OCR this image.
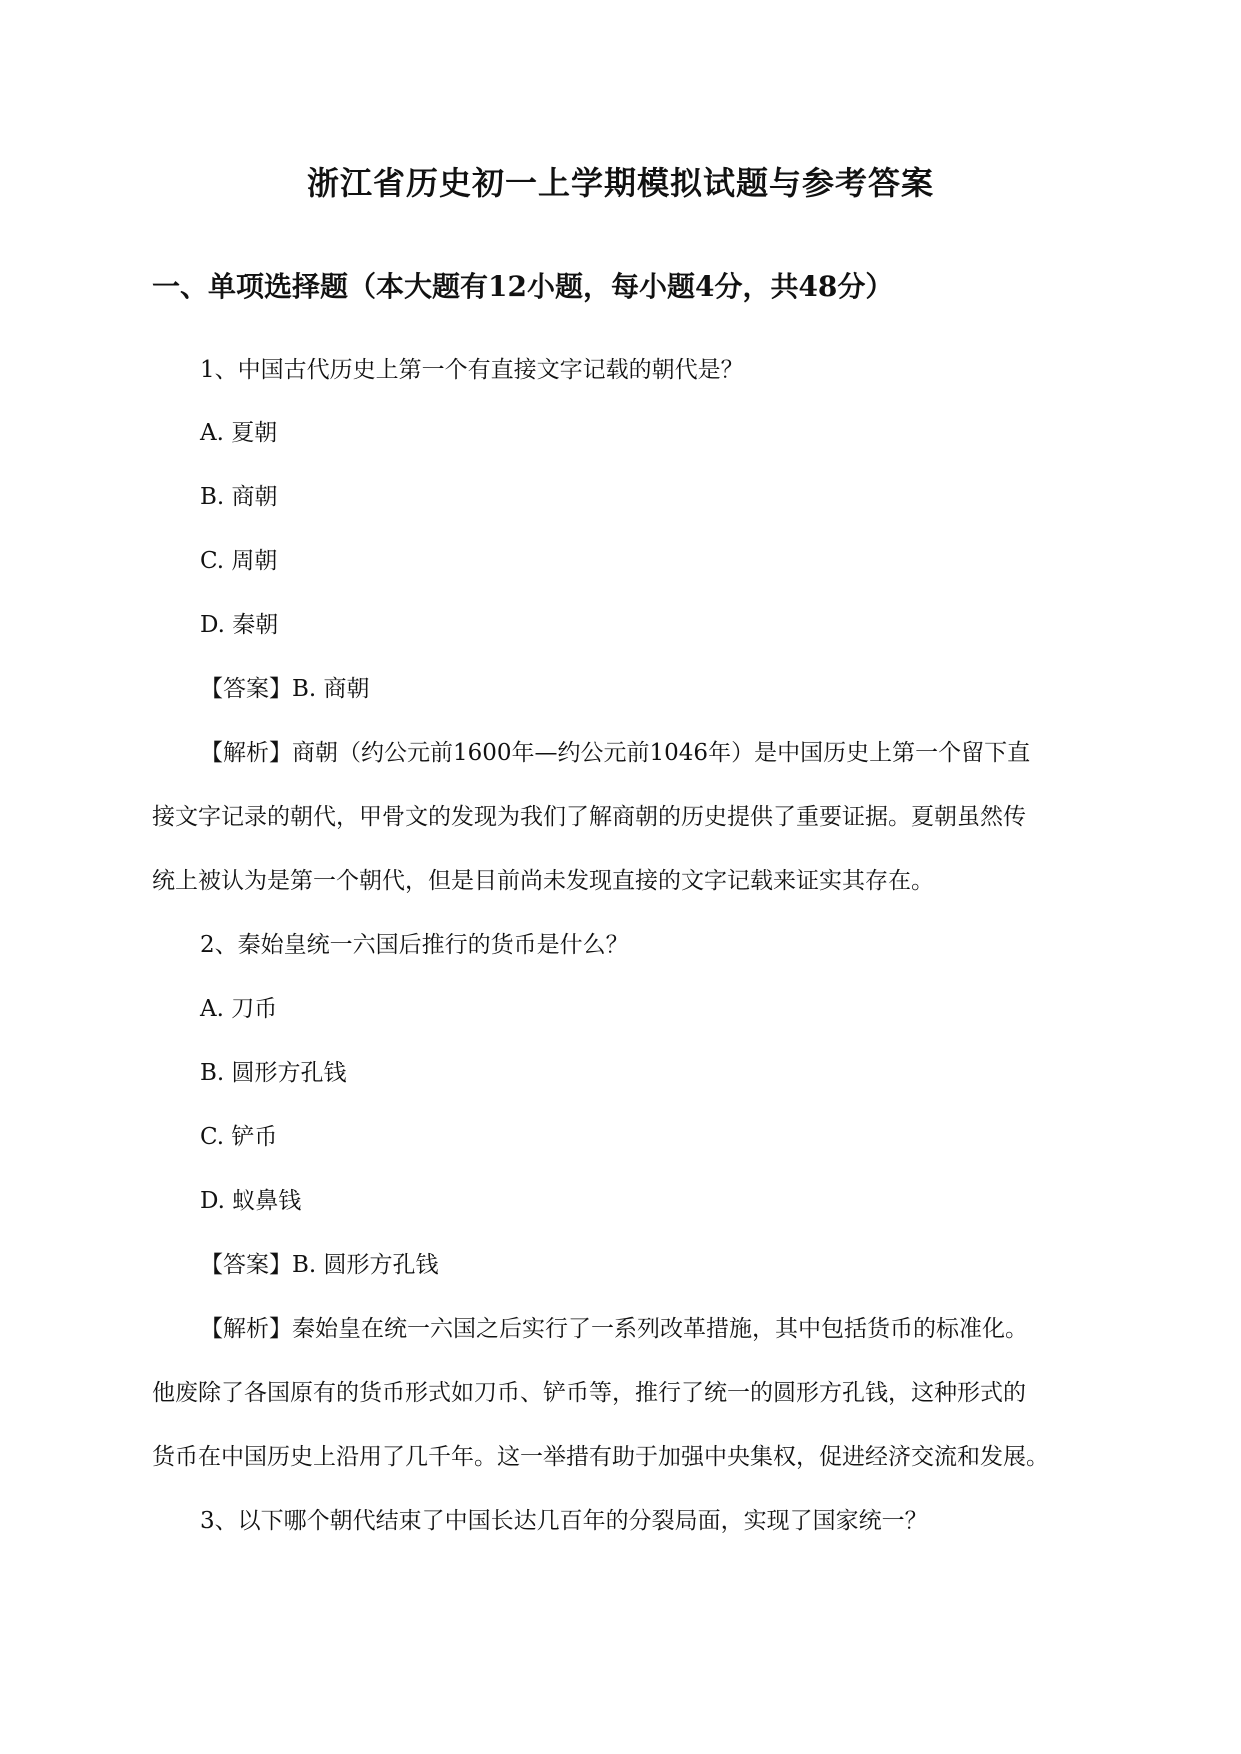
浙江省历史初一上学期模拟试题与参考答案
一、单项选择题（本大题有12小题，每小题4分，共48分）
1、中国古代历史上第一个有直接文字记载的朝代是？
A. 夏朝
B. 商朝
C. 周朝
D. 秦朝
【答案】B. 商朝
【解析】商朝（约公元前1600年—约公元前1046年）是中国历史上第一个留下直
接文字记录的朝代，甲骨文的发现为我们了解商朝的历史提供了重要证据。夏朝虽然传
统上被认为是第一个朝代，但是目前尚未发现直接的文字记载来证实其存在。
2、秦始皇统一六国后推行的货币是什么？
A. 刀币
B. 圆形方孔钱
C. 铲币
D. 蚁鼻钱
【答案】B. 圆形方孔钱
【解析】秦始皇在统一六国之后实行了一系列改革措施，其中包括货币的标准化。
他废除了各国原有的货币形式如刀币、铲币等，推行了统一的圆形方孔钱，这种形式的
货币在中国历史上沿用了几千年。这一举措有助于加强中央集权，促进经济交流和发展。
3、以下哪个朝代结束了中国长达几百年的分裂局面，实现了国家统一？
